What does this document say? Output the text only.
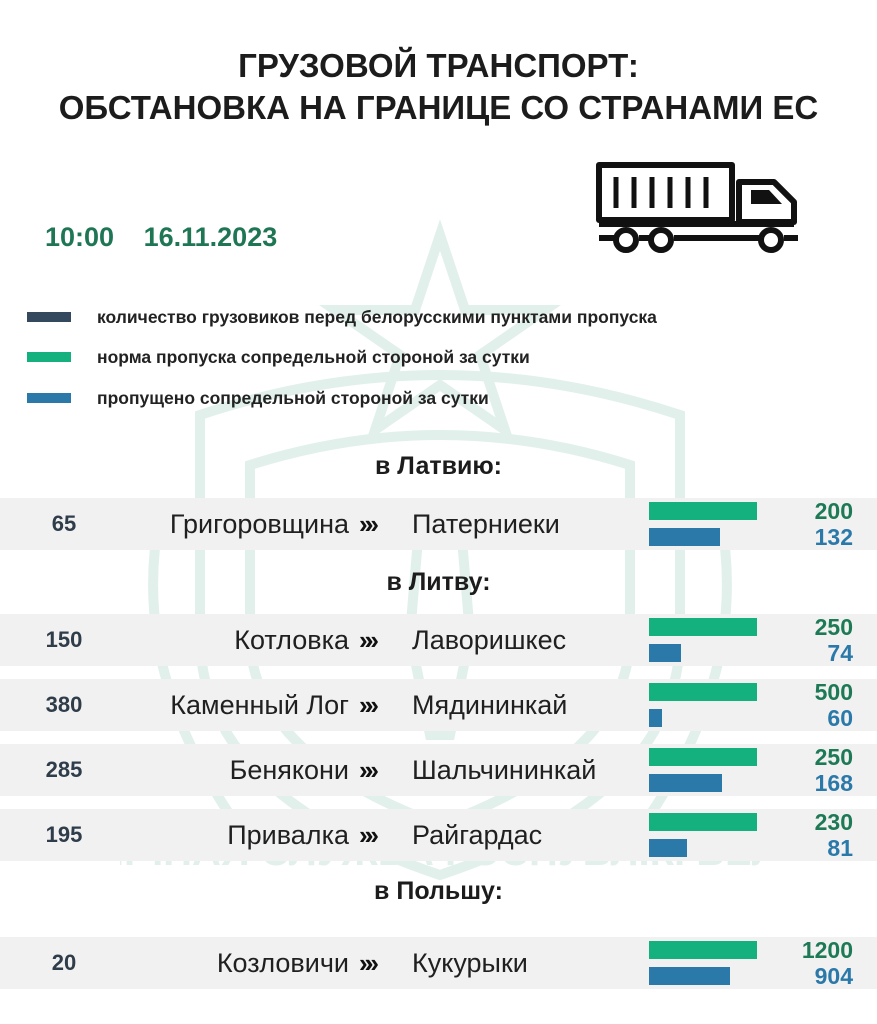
ГРУЗОВОЙ ТРАНСПОРТ:
ОБСТАНОВКА НА ГРАНИЦЕ СО СТРАНАМИ ЕС
10:00 16.11.2023
количество грузовиков перед белорусскими пунктами пропуска
норма пропуска сопредельной стороной за сутки
пропущено сопредельной стороной за сутки
в Латвию:
65	Григоровщина »» Патерниеки	200
132
в Литву:
150	Котловка »» Лаворишкес	250
74
380	Каменный Лог »» Мядининкай	500
60
285	Бенякони »» Шальчининкай	250
168
195	Привалка »» Райгардас	230
81
в Польшу:
20	Козловичи »» Кукурыки	1200
904
